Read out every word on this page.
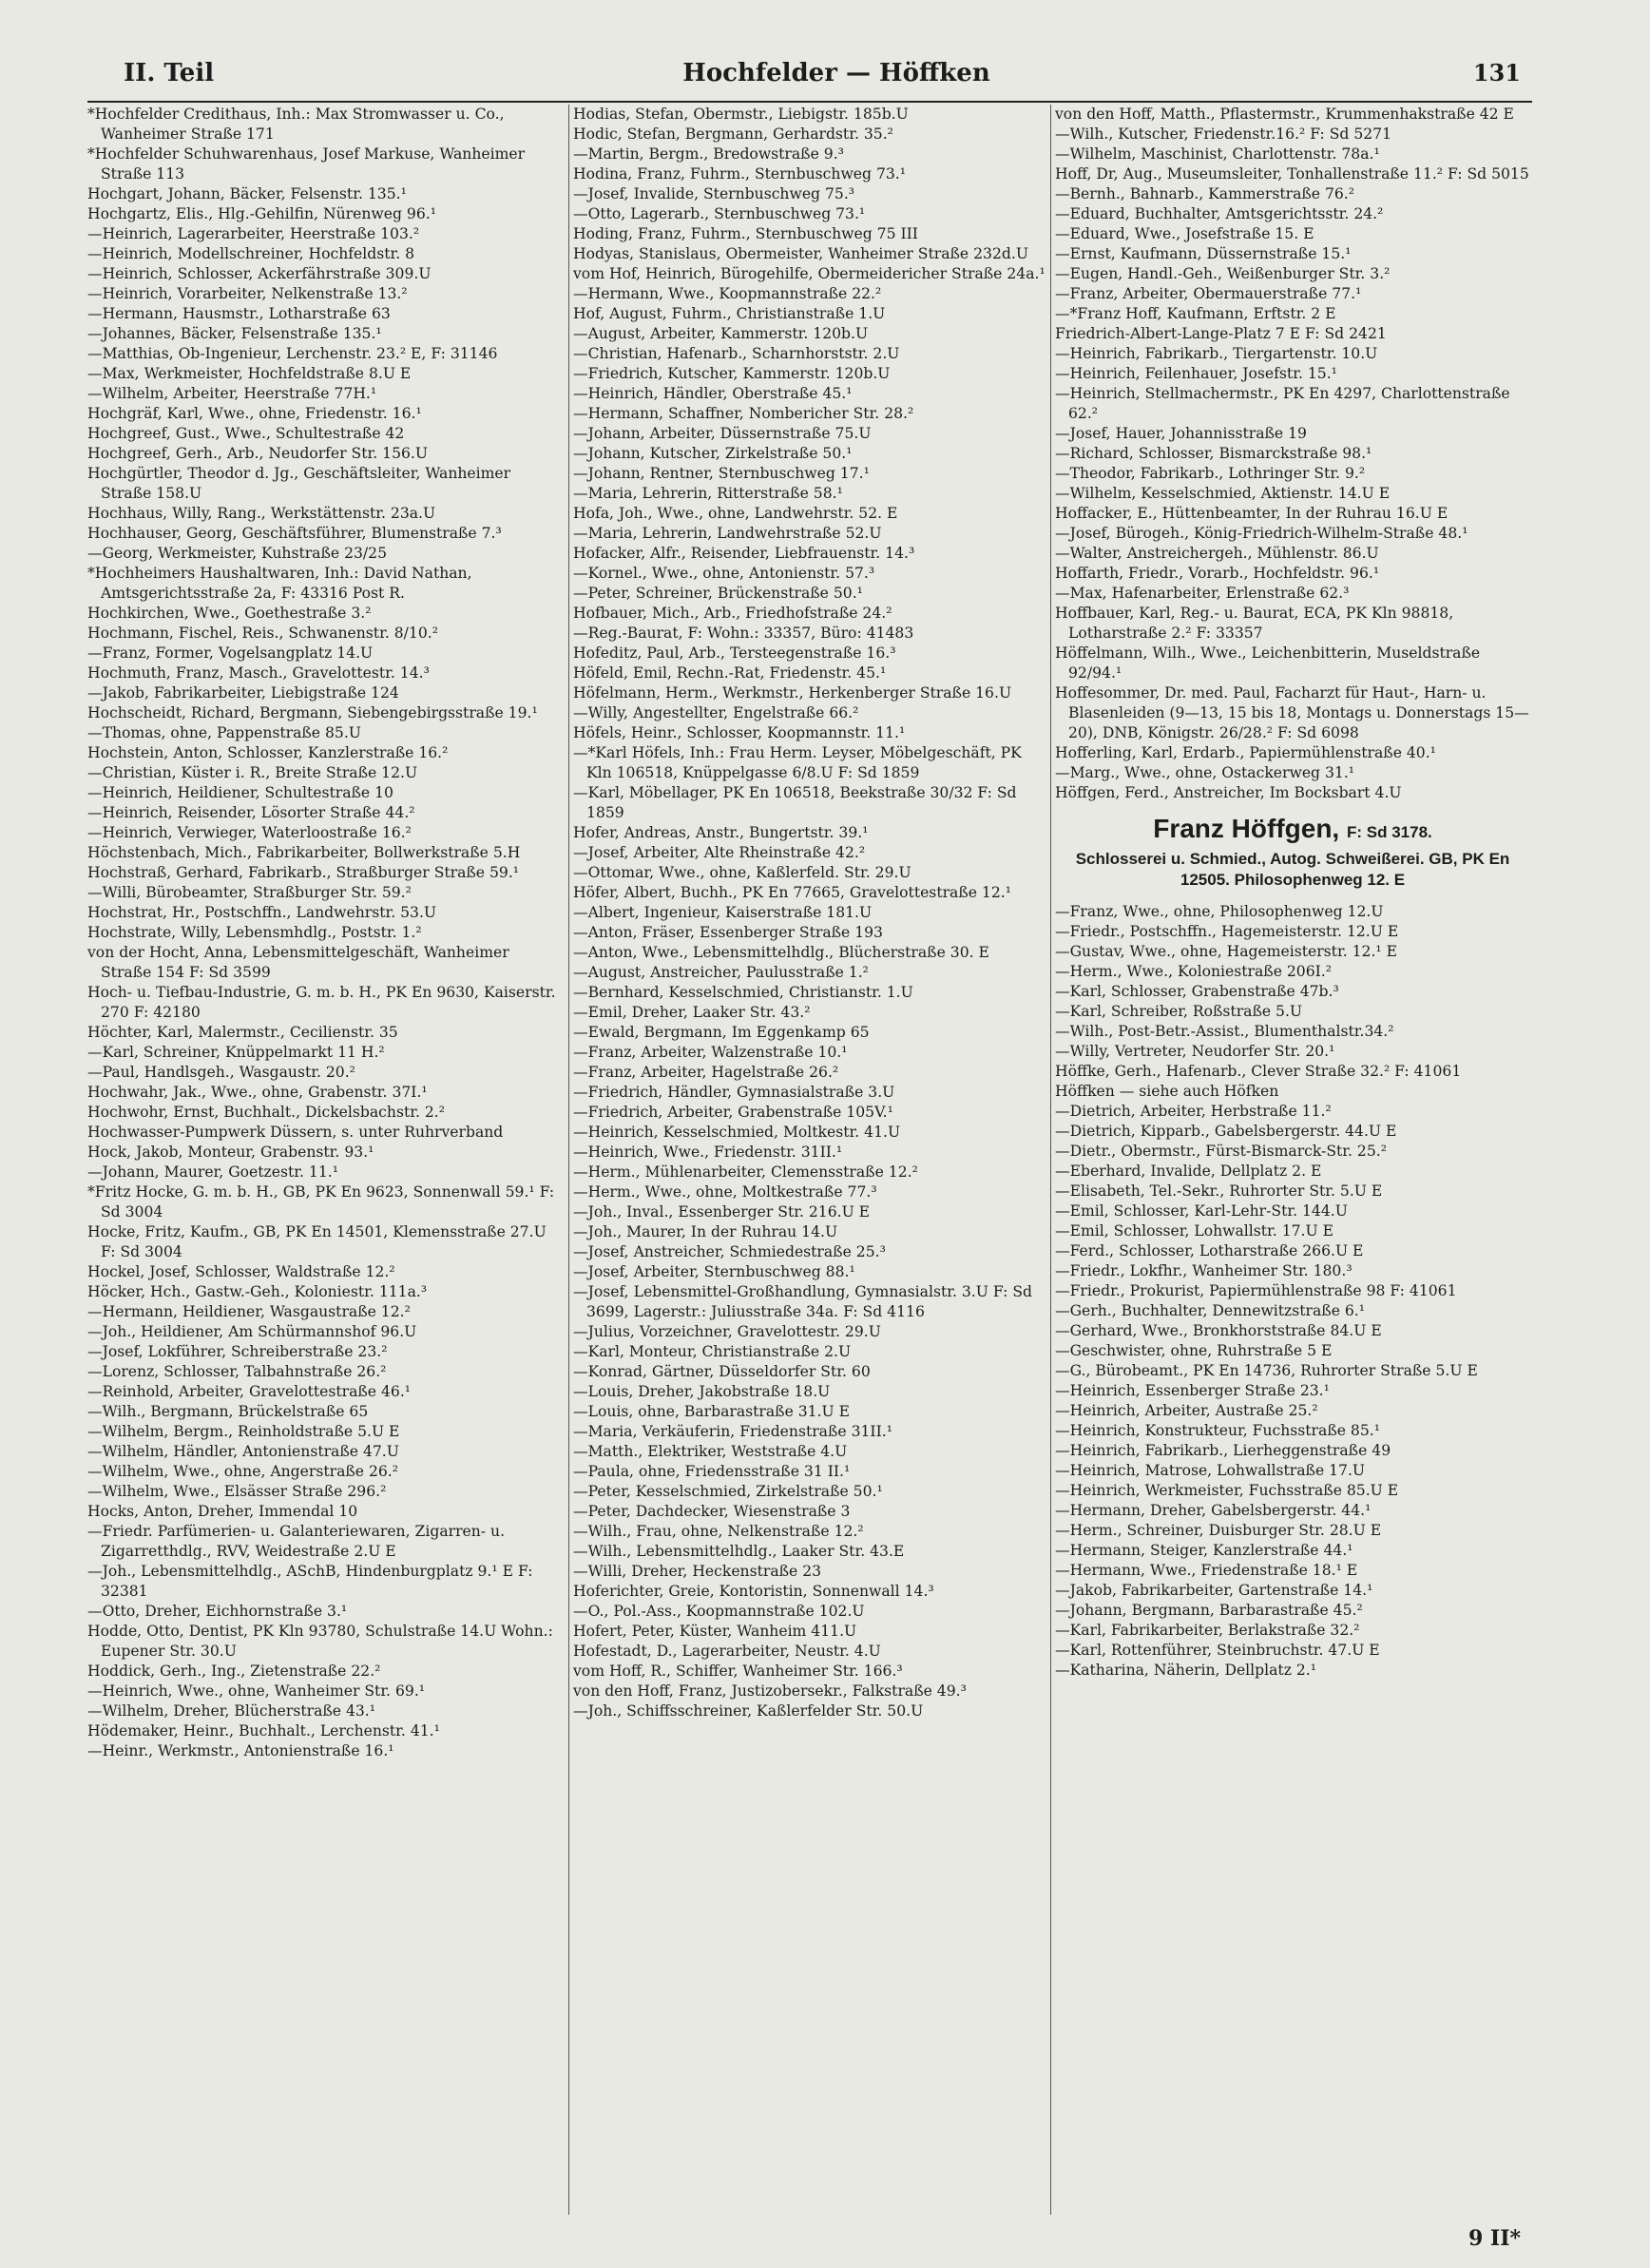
II. Teil	Hochfelder — Höffken	131
*Hochfelder Credithaus, Inh.: Max Stromwasser u. Co., Wanheimer Straße 171
*Hochfelder Schuhwarenhaus, Josef Markuse, Wanheimer Straße 113
Hochgart, Johann, Bäcker, Felsenstr. 135.¹
Hochgartz, Elis., Hlg.-Gehilfin, Nürenweg 96.¹
—Heinrich, Lagerarbeiter, Heerstraße 103.²
—Heinrich, Modellschreiner, Hochfeldstr. 8
—Heinrich, Schlosser, Ackerfährstraße 309.U
—Heinrich, Vorarbeiter, Nelkenstraße 13.²
—Hermann, Hausmstr., Lotharstraße 63
—Johannes, Bäcker, Felsenstraße 135.¹
—Matthias, Ob-Ingenieur, Lerchenstr. 23.² E, F: 31146
—Max, Werkmeister, Hochfeldstraße 8.U E
—Wilhelm, Arbeiter, Heerstraße 77H.¹
Hochgräf, Karl, Wwe., ohne, Friedenstr. 16.¹
Hochgreef, Gust., Wwe., Schultestraße 42
Hochgreef, Gerh., Arb., Neudorfer Str. 156.U
Hochgürtler, Theodor d. Jg., Geschäftsleiter, Wanheimer Straße 158.U
Hochhaus, Willy, Rang., Werkstättenstr. 23a.U
Hochhauser, Georg, Geschäftsführer, Blumenstraße 7.³
—Georg, Werkmeister, Kuhstraße 23/25
*Hochheimers Haushaltwaren, Inh.: David Nathan, Amtsgerichtsstraße 2a, F: 43316 Post R.
Hochkirchen, Wwe., Goethestraße 3.²
Hochmann, Fischel, Reis., Schwanenstr. 8/10.²
—Franz, Former, Vogelsangplatz 14.U
Hochmuth, Franz, Masch., Gravelottestr. 14.³
—Jakob, Fabrikarbeiter, Liebigstraße 124
Hochscheidt, Richard, Bergmann, Siebengebirgsstraße 19.¹
—Thomas, ohne, Pappenstraße 85.U
Hochstein, Anton, Schlosser, Kanzlerstraße 16.²
—Christian, Küster i. R., Breite Straße 12.U
—Heinrich, Heildiener, Schultestraße 10
—Heinrich, Reisender, Lösorter Straße 44.²
—Heinrich, Verwieger, Waterloostraße 16.²
Höchstenbach, Mich., Fabrikarbeiter, Bollwerkstraße 5.H
Hochstraß, Gerhard, Fabrikarb., Straßburger Straße 59.¹
—Willi, Bürobeamter, Straßburger Str. 59.²
Hochstrat, Hr., Postschffn., Landwehrstr. 53.U
Hochstrate, Willy, Lebensmhdlg., Poststr. 1.²
von der Hocht, Anna, Lebensmittelgeschäft, Wanheimer Straße 154 F: Sd 3599
Hoch- u. Tiefbau-Industrie, G. m. b. H., PK En 9630, Kaiserstr. 270 F: 42180
Höchter, Karl, Malermstr., Cecilienstr. 35
—Karl, Schreiner, Knüppelmarkt 11 H.²
—Paul, Handlsgeh., Wasgaustr. 20.²
Hochwahr, Jak., Wwe., ohne, Grabenstr. 37I.¹
Hochwohr, Ernst, Buchhalt., Dickelsbachstr. 2.²
Hochwasser-Pumpwerk Düssern, s. unter Ruhrverband
Hock, Jakob, Monteur, Grabenstr. 93.¹
—Johann, Maurer, Goetzestr. 11.¹
*Fritz Hocke, G. m. b. H., GB, PK En 9623, Sonnenwall 59.¹ F: Sd 3004
Hocke, Fritz, Kaufm., GB, PK En 14501, Klemensstraße 27.U F: Sd 3004
Hockel, Josef, Schlosser, Waldstraße 12.²
Höcker, Hch., Gastw.-Geh., Koloniestr. 111a.³
—Hermann, Heildiener, Wasgaustraße 12.²
—Joh., Heildiener, Am Schürmannshof 96.U
—Josef, Lokführer, Schreiberstraße 23.²
—Lorenz, Schlosser, Talbahnstraße 26.²
—Reinhold, Arbeiter, Gravelottestraße 46.¹
—Wilh., Bergmann, Brückelstraße 65
—Wilhelm, Bergm., Reinholdstraße 5.U E
—Wilhelm, Händler, Antonienstraße 47.U
—Wilhelm, Wwe., ohne, Angerstraße 26.²
—Wilhelm, Wwe., Elsässer Straße 296.²
Hocks, Anton, Dreher, Immendal 10
—Friedr. Parfümerien- u. Galanteriewaren, Zigarren- u. Zigarretthdlg., RVV, Weidestraße 2.U E
—Joh., Lebensmittelhdlg., ASchB, Hindenburgplatz 9.¹ E F: 32381
—Otto, Dreher, Eichhornstraße 3.¹
Hodde, Otto, Dentist, PK Kln 93780, Schulstraße 14.U Wohn.: Eupener Str. 30.U
Hoddick, Gerh., Ing., Zietenstraße 22.²
—Heinrich, Wwe., ohne, Wanheimer Str. 69.¹
—Wilhelm, Dreher, Blücherstraße 43.¹
Hödemaker, Heinr., Buchhalt., Lerchenstr. 41.¹
—Heinr., Werkmstr., Antonienstraße 16.¹
Hodias, Stefan, Obermstr., Liebigstr. 185b.U
Hodic, Stefan, Bergmann, Gerhardstr. 35.²
—Martin, Bergm., Bredowstraße 9.³
Hodina, Franz, Fuhrm., Sternbuschweg 73.¹
—Josef, Invalide, Sternbuschweg 75.³
—Otto, Lagerarb., Sternbuschweg 73.¹
Hoding, Franz, Fuhrm., Sternbuschweg 75 III
Hodyas, Stanislaus, Obermeister, Wanheimer Straße 232d.U
vom Hof, Heinrich, Bürogehilfe, Obermeidericher Straße 24a.¹
—Hermann, Wwe., Koopmannstraße 22.²
Hof, August, Fuhrm., Christianstraße 1.U
—August, Arbeiter, Kammerstr. 120b.U
—Christian, Hafenarb., Scharnhorststr. 2.U
—Friedrich, Kutscher, Kammerstr. 120b.U
—Heinrich, Händler, Oberstraße 45.¹
—Hermann, Schaffner, Nombericher Str. 28.²
—Johann, Arbeiter, Düssernstraße 75.U
—Johann, Kutscher, Zirkelstraße 50.¹
—Johann, Rentner, Sternbuschweg 17.¹
—Maria, Lehrerin, Ritterstraße 58.¹
Hofa, Joh., Wwe., ohne, Landwehrstr. 52. E
—Maria, Lehrerin, Landwehrstraße 52.U
Hofacker, Alfr., Reisender, Liebfrauenstr. 14.³
—Kornel., Wwe., ohne, Antonienstr. 57.³
—Peter, Schreiner, Brückenstraße 50.¹
Hofbauer, Mich., Arb., Friedhofstraße 24.²
—Reg.-Baurat, F: Wohn.: 33357, Büro: 41483
Hofeditz, Paul, Arb., Tersteegenstraße 16.³
Höfeld, Emil, Rechn.-Rat, Friedenstr. 45.¹
Höfelmann, Herm., Werkmstr., Herkenberger Straße 16.U
—Willy, Angestellter, Engelstraße 66.²
Höfels, Heinr., Schlosser, Koopmannstr. 11.¹
—*Karl Höfels, Inh.: Frau Herm. Leyser, Möbelgeschäft, PK Kln 106518, Knüppelgasse 6/8.U F: Sd 1859
—Karl, Möbellager, PK En 106518, Beekstraße 30/32 F: Sd 1859
Hofer, Andreas, Anstr., Bungertstr. 39.¹
—Josef, Arbeiter, Alte Rheinstraße 42.²
—Ottomar, Wwe., ohne, Kaßlerfeld. Str. 29.U
Höfer, Albert, Buchh., PK En 77665, Gravelottestraße 12.¹
—Albert, Ingenieur, Kaiserstraße 181.U
—Anton, Fräser, Essenberger Straße 193
—Anton, Wwe., Lebensmittelhdlg., Blücherstraße 30. E
—August, Anstreicher, Paulusstraße 1.²
—Bernhard, Kesselschmied, Christianstr. 1.U
—Emil, Dreher, Laaker Str. 43.²
—Ewald, Bergmann, Im Eggenkamp 65
—Franz, Arbeiter, Walzenstraße 10.¹
—Franz, Arbeiter, Hagelstraße 26.²
—Friedrich, Händler, Gymnasialstraße 3.U
—Friedrich, Arbeiter, Grabenstraße 105V.¹
—Heinrich, Kesselschmied, Moltkestr. 41.U
—Heinrich, Wwe., Friedenstr. 31II.¹
—Herm., Mühlenarbeiter, Clemensstraße 12.²
—Herm., Wwe., ohne, Moltkestraße 77.³
—Joh., Inval., Essenberger Str. 216.U E
—Joh., Maurer, In der Ruhrau 14.U
—Josef, Anstreicher, Schmiedestraße 25.³
—Josef, Arbeiter, Sternbuschweg 88.¹
—Josef, Lebensmittel-Großhandlung, Gymnasialstr. 3.U F: Sd 3699, Lagerstr.: Juliusstraße 34a. F: Sd 4116
—Julius, Vorzeichner, Gravelottestr. 29.U
—Karl, Monteur, Christianstraße 2.U
—Konrad, Gärtner, Düsseldorfer Str. 60
—Louis, Dreher, Jakobstraße 18.U
—Louis, ohne, Barbarastraße 31.U E
—Maria, Verkäuferin, Friedenstraße 31II.¹
—Matth., Elektriker, Weststraße 4.U
—Paula, ohne, Friedensstraße 31 II.¹
—Peter, Kesselschmied, Zirkelstraße 50.¹
—Peter, Dachdecker, Wiesenstraße 3
—Wilh., Frau, ohne, Nelkenstraße 12.²
—Wilh., Lebensmittelhdlg., Laaker Str. 43.E
—Willi, Dreher, Heckenstraße 23
Hoferichter, Greie, Kontoristin, Sonnenwall 14.³
—O., Pol.-Ass., Koopmannstraße 102.U
Hofert, Peter, Küster, Wanheim 411.U
Hofestadt, D., Lagerarbeiter, Neustr. 4.U
vom Hoff, R., Schiffer, Wanheimer Str. 166.³
von den Hoff, Franz, Justizobersekr., Falkstraße 49.³
—Joh., Schiffsschreiner, Kaßlerfelder Str. 50.U
von den Hoff, Matth., Pflastermstr., Krummenhakstraße 42 E
—Wilh., Kutscher, Friedenstr.16.² F: Sd 5271
—Wilhelm, Maschinist, Charlottenstr. 78a.¹
Hoff, Dr, Aug., Museumsleiter, Tonhallenstraße 11.² F: Sd 5015
—Bernh., Bahnarb., Kammerstraße 76.²
—Eduard, Buchhalter, Amtsgerichtsstr. 24.²
—Eduard, Wwe., Josefstraße 15. E
—Ernst, Kaufmann, Düssernstraße 15.¹
—Eugen, Handl.-Geh., Weißenburger Str. 3.²
—Franz, Arbeiter, Obermauerstraße 77.¹
—*Franz Hoff, Kaufmann, Erftstr. 2 E
Friedrich-Albert-Lange-Platz 7 E F: Sd 2421
—Heinrich, Fabrikarb., Tiergartenstr. 10.U
—Heinrich, Feilenhauer, Josefstr. 15.¹
—Heinrich, Stellmachermstr., PK En 4297, Charlottenstraße 62.²
—Josef, Hauer, Johannisstraße 19
—Richard, Schlosser, Bismarckstraße 98.¹
—Theodor, Fabrikarb., Lothringer Str. 9.²
—Wilhelm, Kesselschmied, Aktienstr. 14.U E
Hoffacker, E., Hüttenbeamter, In der Ruhrau 16.U E
—Josef, Bürogeh., König-Friedrich-Wilhelm-Straße 48.¹
—Walter, Anstreichergeh., Mühlenstr. 86.U
Hoffarth, Friedr., Vorarb., Hochfeldstr. 96.¹
—Max, Hafenarbeiter, Erlenstraße 62.³
Hoffbauer, Karl, Reg.- u. Baurat, ECA, PK Kln 98818, Lotharstraße 2.² F: 33357
Höffelmann, Wilh., Wwe., Leichenbitterin, Museldstraße 92/94.¹
Hoffesommer, Dr. med. Paul, Facharzt für Haut-, Harn- u. Blasenleiden (9—13, 15 bis 18, Montags u. Donnerstags 15—20), DNB, Königstr. 26/28.² F: Sd 6098
Hofferling, Karl, Erdarb., Papiermühlenstraße 40.¹
—Marg., Wwe., ohne, Ostackerweg 31.¹
Höffgen, Ferd., Anstreicher, Im Bocksbart 4.U
Franz Höffgen, F: Sd 3178.
Schlosserei u. Schmied., Autog. Schweißerei. GB, PK En 12505. Philosophenweg 12. E
—Franz, Wwe., ohne, Philosophenweg 12.U
—Friedr., Postschffn., Hagemeisterstr. 12.U E
—Gustav, Wwe., ohne, Hagemeisterstr. 12.¹ E
—Herm., Wwe., Koloniestraße 206I.²
—Karl, Schlosser, Grabenstraße 47b.³
—Karl, Schreiber, Roßstraße 5.U
—Wilh., Post-Betr.-Assist., Blumenthalstr.34.²
—Willy, Vertreter, Neudorfer Str. 20.¹
Höffke, Gerh., Hafenarb., Clever Straße 32.² F: 41061
Höffken — siehe auch Höfken
—Dietrich, Arbeiter, Herbstraße 11.²
—Dietrich, Kipparb., Gabelsbergerstr. 44.U E
—Dietr., Obermstr., Fürst-Bismarck-Str. 25.²
—Eberhard, Invalide, Dellplatz 2. E
—Elisabeth, Tel.-Sekr., Ruhrorter Str. 5.U E
—Emil, Schlosser, Karl-Lehr-Str. 144.U
—Emil, Schlosser, Lohwallstr. 17.U E
—Ferd., Schlosser, Lotharstraße 266.U E
—Friedr., Lokfhr., Wanheimer Str. 180.³
—Friedr., Prokurist, Papiermühlenstraße 98 F: 41061
—Gerh., Buchhalter, Dennewitzstraße 6.¹
—Gerhard, Wwe., Bronkhorststraße 84.U E
—Geschwister, ohne, Ruhrstraße 5 E
—G., Bürobeamt., PK En 14736, Ruhrorter Straße 5.U E
—Heinrich, Essenberger Straße 23.¹
—Heinrich, Arbeiter, Austraße 25.²
—Heinrich, Konstrukteur, Fuchsstraße 85.¹
—Heinrich, Fabrikarb., Lierheggenstraße 49
—Heinrich, Matrose, Lohwallstraße 17.U
—Heinrich, Werkmeister, Fuchsstraße 85.U E
—Hermann, Dreher, Gabelsbergerstr. 44.¹
—Herm., Schreiner, Duisburger Str. 28.U E
—Hermann, Steiger, Kanzlerstraße 44.¹
—Hermann, Wwe., Friedenstraße 18.¹ E
—Jakob, Fabrikarbeiter, Gartenstraße 14.¹
—Johann, Bergmann, Barbarastraße 45.²
—Karl, Fabrikarbeiter, Berlakstraße 32.²
—Karl, Rottenführer, Steinbruchstr. 47.U E
—Katharina, Näherin, Dellplatz 2.¹
9 II*
